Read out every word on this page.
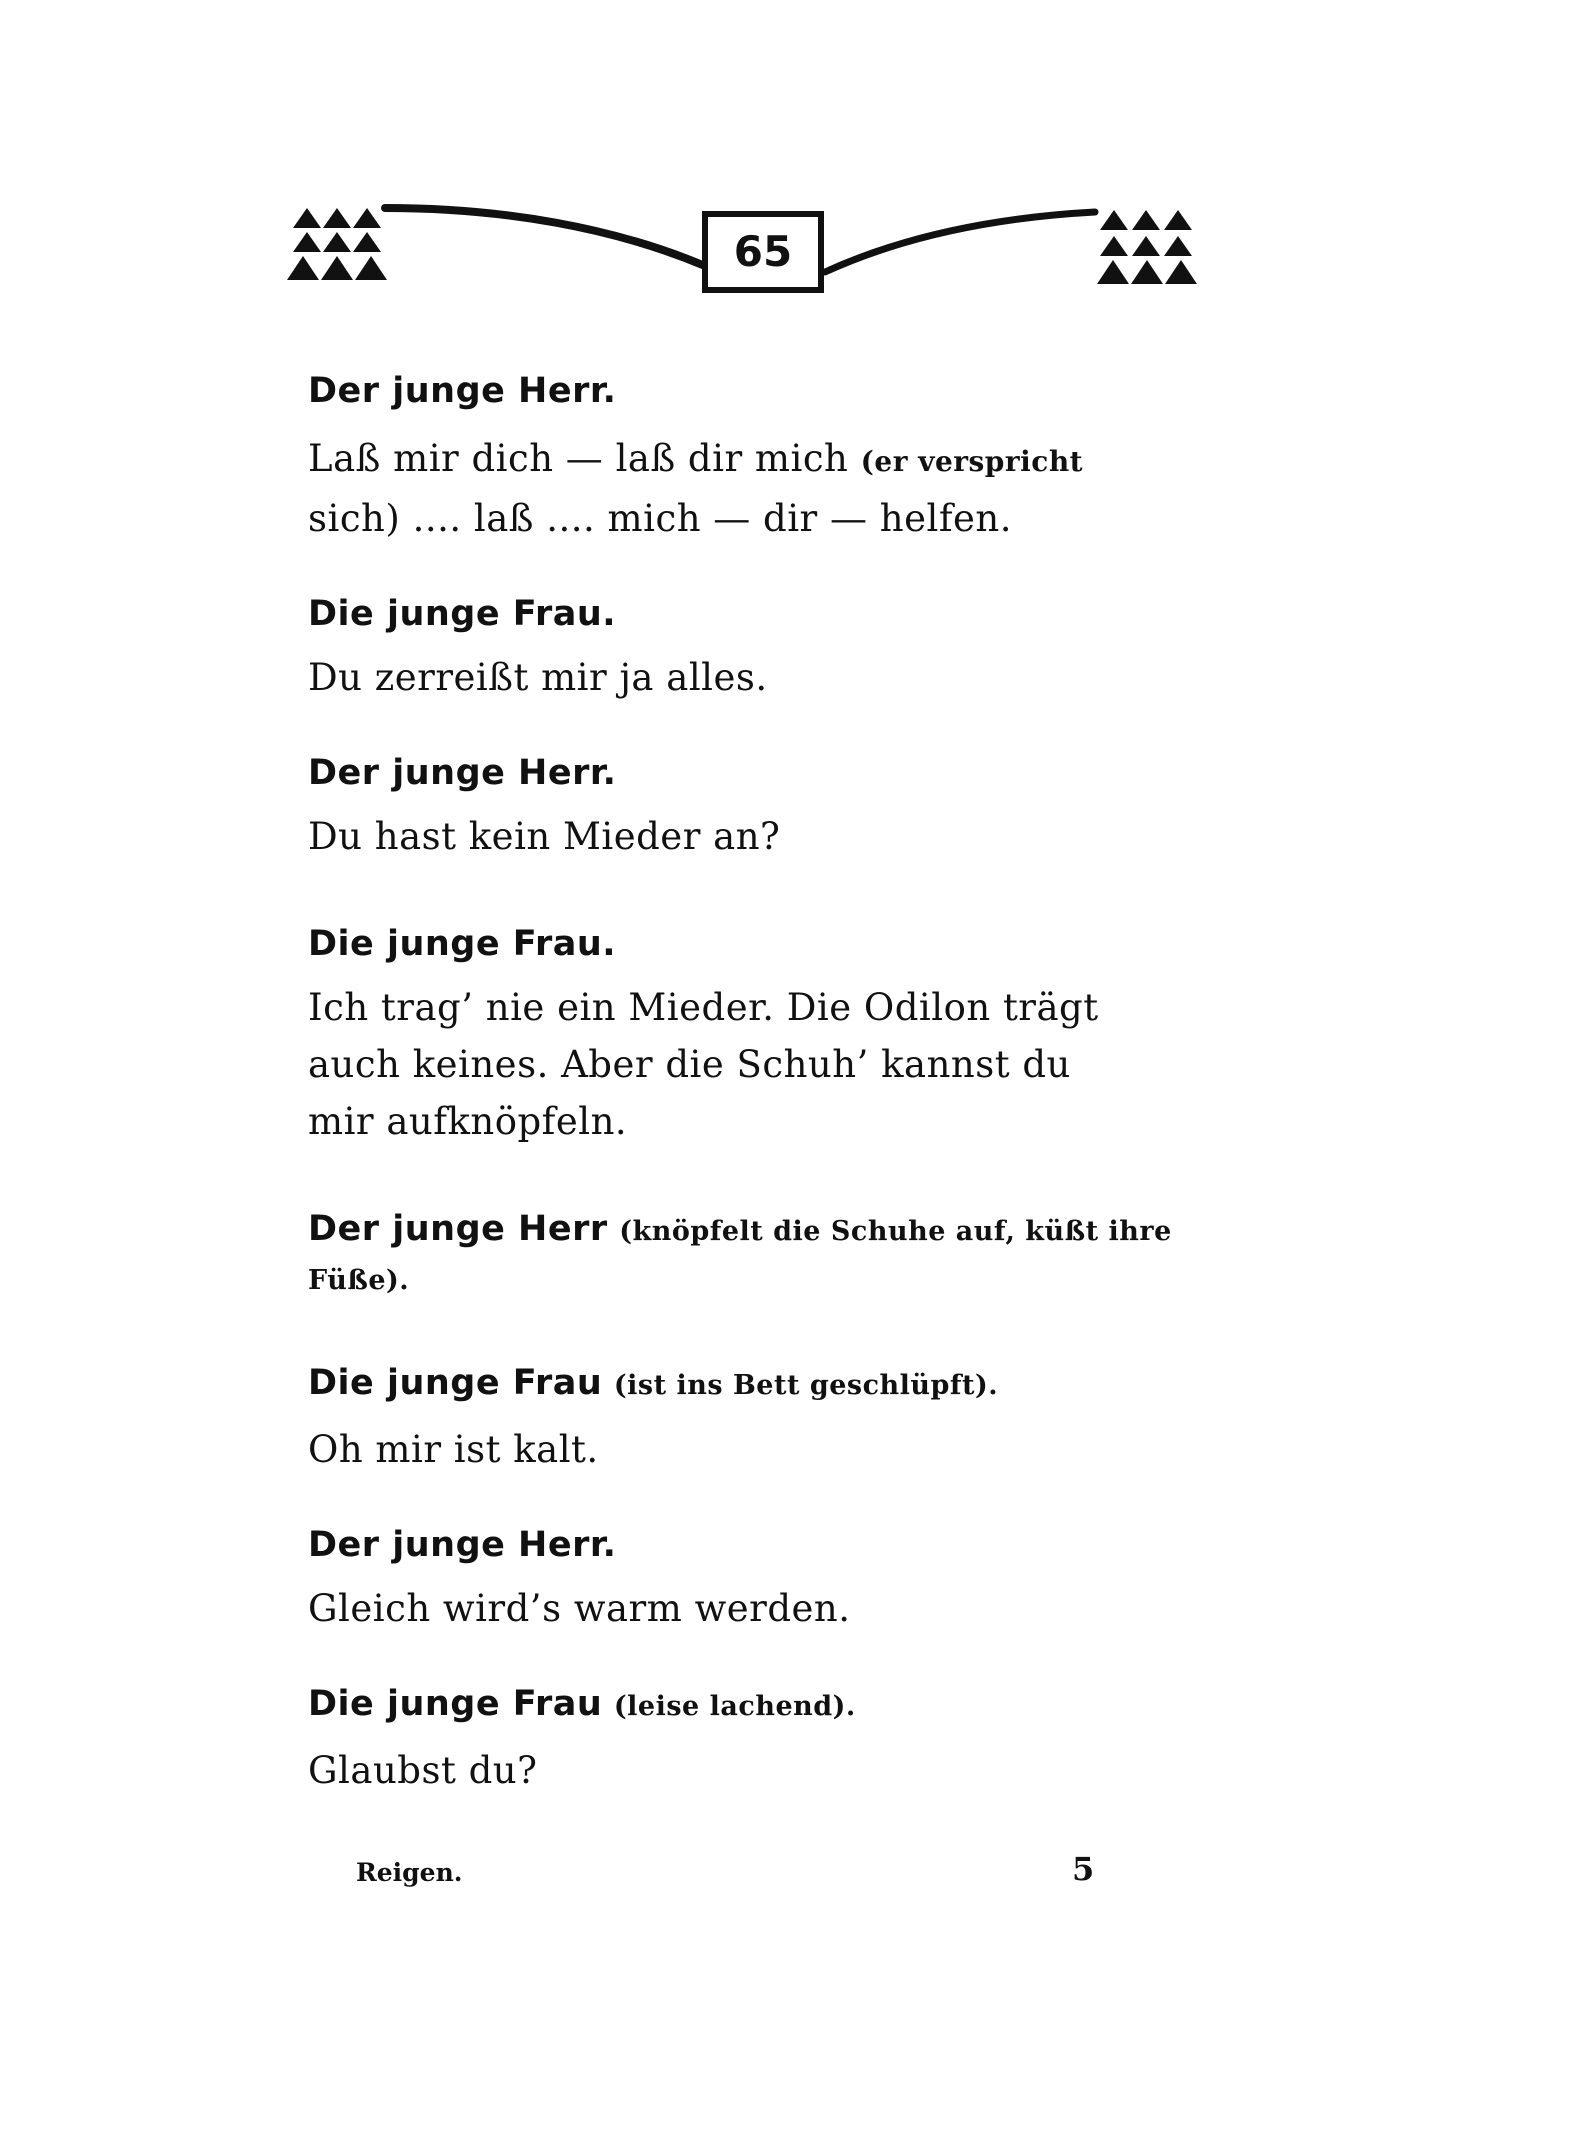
65

Der junge Herr.

Laß mir dich — laß dir mich (er verspricht

sich) .... laß .... mich — dir — helfen.

Die junge Frau.

Du zerreißt mir ja alles.

Der junge Herr.

Du hast kein Mieder an?

Die junge Frau.

Ich trag’ nie ein Mieder. Die Odilon trägt

auch keines. Aber die Schuh’ kannst du

mir aufknöpfeln.

Der junge Herr (knöpfelt die Schuhe auf, küßt ihre Füße).

Die junge Frau (ist ins Bett geschlüpft).

Oh mir ist kalt.

Der junge Herr.

Gleich wird’s warm werden.

Die junge Frau (leise lachend).

Glaubst du?

Reigen.	5
